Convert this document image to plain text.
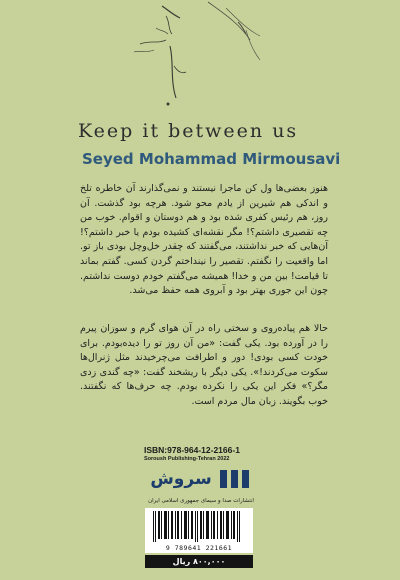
Keep it between us
Seyed Mohammad Mirmousavi
هنوز بعضی‌ها ول کن ماجرا نیستند و نمی‌گذارند آن خاطره تلخ و اندکی هم شیرین از یادم محو شود. هرچه بود گذشت. آن روز، هم رئیس کفری شده بود و هم دوستان و اقوام. خوب من چه تقصیری داشتم؟! مگر نقشه‌ای کشیده بودم یا خبر داشتم؟! آن‌هایی که خبر نداشتند، می‌گفتند که چقدر خل‌وچل بودی باز تو. اما واقعیت را نگفتم. تقصیر را نینداختم گردن کسی. گفتم بماند تا قیامت! بین من و خدا! همیشه می‌گفتم خودم دوست نداشتم. چون این جوری بهتر بود و آبروی همه حفظ می‌شد.
حالا هم پیاده‌روی و سختی راه در آن هوای گرم و سوزان پیرم را در آورده بود. یکی گفت: «من آن روز تو را دیده‌بودم. برای خودت کسی بودی! دور و اطرافت می‌چرخیدند مثل ژنرال‌ها سکوت می‌کردند!». یکی دیگر با ریشخند گفت: «چه گندی زدی مگر؟» فکر این یکی را نکرده بودم. چه حرف‌ها که نگفتند. خوب بگویند. زبان مال مردم است.
ISBN:978-964-12-2166-1
Soroush Publishing-Tehran 2022
سروش
انتشارات صدا و سیمای جمهوری اسلامی ایران
9 789641 221661
۸۰۰,۰۰۰ ریال
